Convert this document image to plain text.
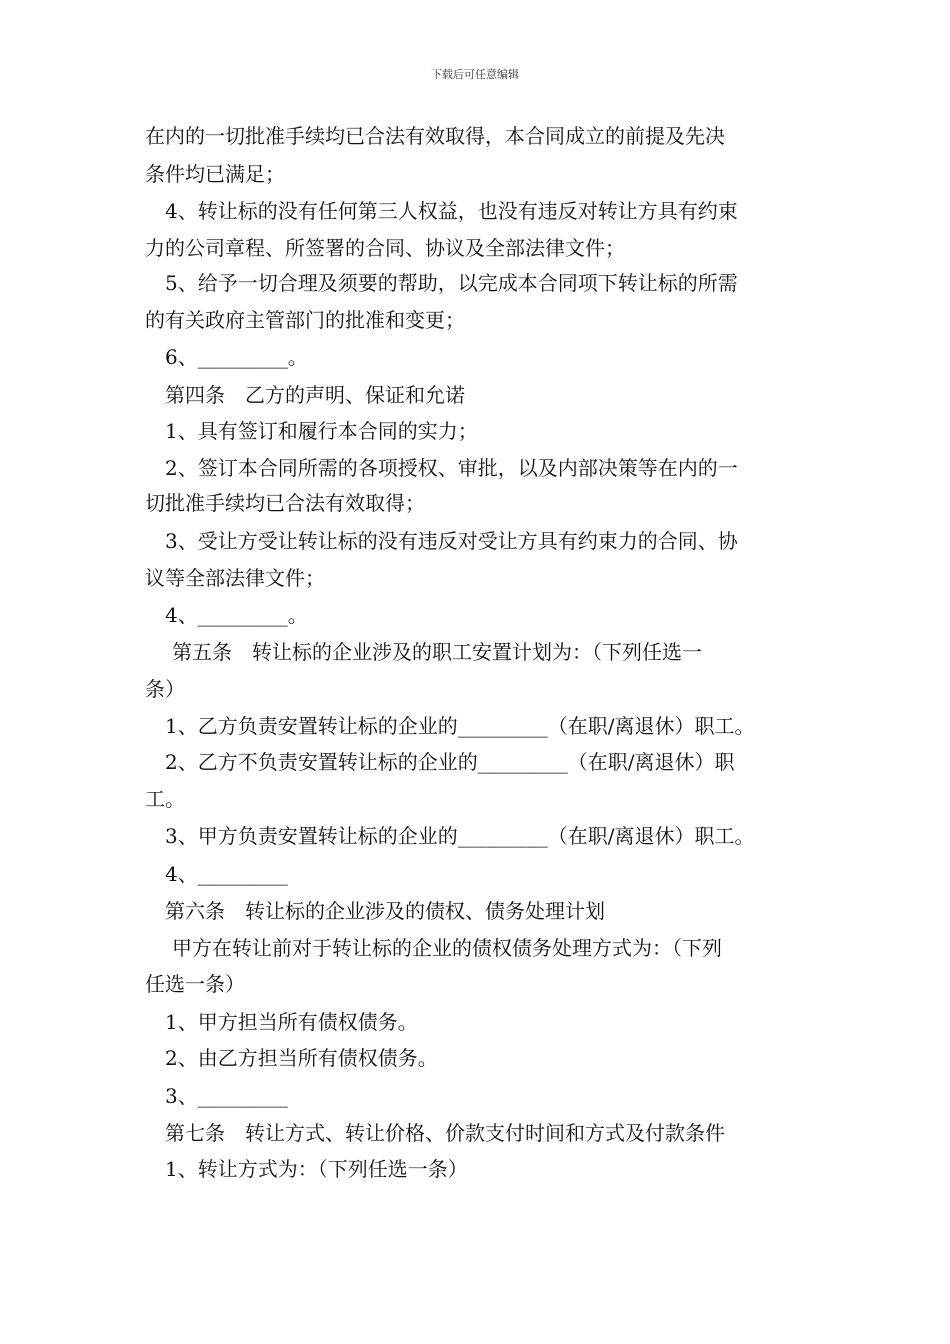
下载后可任意编辑
在内的一切批准手续均已合法有效取得，本合同成立的前提及先决
条件均已满足；
4、转让标的没有任何第三人权益，也没有违反对转让方具有约束
力的公司章程、所签署的合同、协议及全部法律文件；
5、给予一切合理及须要的帮助，以完成本合同项下转让标的所需
的有关政府主管部门的批准和变更；
6、_________。
第四条　乙方的声明、保证和允诺
1、具有签订和履行本合同的实力；
2、签订本合同所需的各项授权、审批，以及内部决策等在内的一
切批准手续均已合法有效取得；
3、受让方受让转让标的没有违反对受让方具有约束力的合同、协
议等全部法律文件；
4、_________。
第五条　转让标的企业涉及的职工安置计划为：（下列任选一
条）
1、乙方负责安置转让标的企业的_________（在职/离退休）职工。
2、乙方不负责安置转让标的企业的_________（在职/离退休）职
工。
3、甲方负责安置转让标的企业的_________（在职/离退休）职工。
4、_________
第六条　转让标的企业涉及的债权、债务处理计划
甲方在转让前对于转让标的企业的债权债务处理方式为：（下列
任选一条）
1、甲方担当所有债权债务。
2、由乙方担当所有债权债务。
3、_________
第七条　转让方式、转让价格、价款支付时间和方式及付款条件
1、转让方式为：（下列任选一条）
